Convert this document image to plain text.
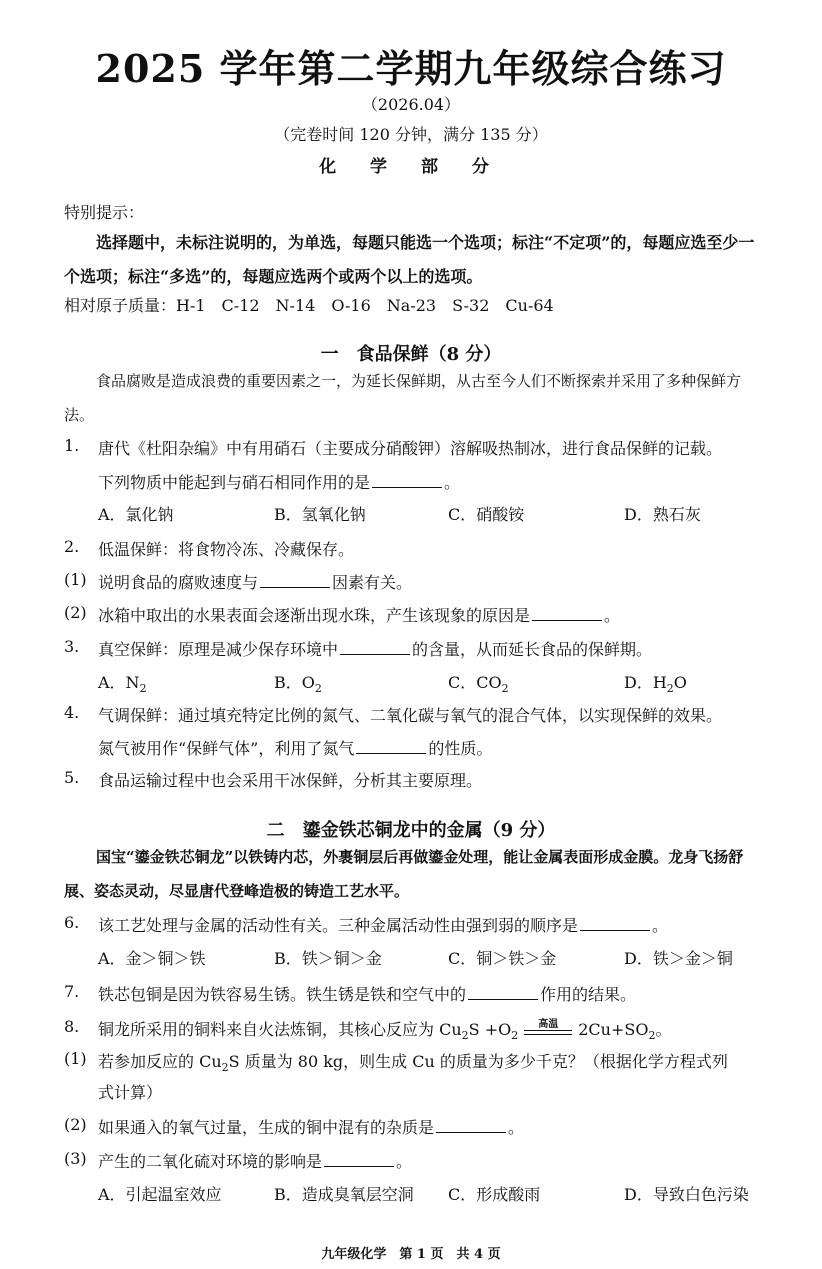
2025 学年第二学期九年级综合练习
（2026.04）
（完卷时间 120 分钟，满分 135 分）
化 学 部 分
特别提示：
选择题中，未标注说明的，为单选，每题只能选一个选项；标注“不定项”的，每题应选至少一个选项；标注“多选”的，每题应选两个或两个以上的选项。
相对原子质量：H-1　C-12　N-14　O-16　Na-23　S-32　Cu-64
一　食品保鲜（8 分）
食品腐败是造成浪费的重要因素之一，为延长保鲜期，从古至今人们不断探索并采用了多种保鲜方法。
1. 唐代《杜阳杂编》中有用硝石（主要成分硝酸钾）溶解吸热制冰，进行食品保鲜的记载。
下列物质中能起到与硝石相同作用的是	。
A．氯化钠	B．氢氧化钠	C．硝酸铵	D．熟石灰
2. 低温保鲜：将食物冷冻、冷藏保存。
(1) 说明食品的腐败速度与	因素有关。
(2) 冰箱中取出的水果表面会逐渐出现水珠，产生该现象的原因是	。
3. 真空保鲜：原理是减少保存环境中	的含量，从而延长食品的保鲜期。
A．$N_2$	B．$O_2$	C．$CO_2$	D．$H_2O$
4. 气调保鲜：通过填充特定比例的氮气、二氧化碳与氧气的混合气体，以实现保鲜的效果。
氮气被用作“保鲜气体”，利用了氮气	的性质。
5. 食品运输过程中也会采用干冰保鲜，分析其主要原理。
二　鎏金铁芯铜龙中的金属（9 分）
国宝“鎏金铁芯铜龙”以铁铸内芯，外裹铜层后再做鎏金处理，能让金属表面形成金膜。龙身飞扬舒展、姿态灵动，尽显唐代登峰造极的铸造工艺水平。
6. 该工艺处理与金属的活动性有关。三种金属活动性由强到弱的顺序是	。
A．金＞铜＞铁	B．铁＞铜＞金	C．铜＞铁＞金	D．铁＞金＞铜
7. 铁芯包铜是因为铁容易生锈。铁生锈是铁和空气中的	作用的结果。
8. 铜龙所采用的铜料来自火法炼铜，其核心反应为 $Cu_2S +O_2$
高温	$2Cu+SO_2$。
(1) 若参加反应的 $Cu_2S$ 质量为 80 kg，则生成 Cu 的质量为多少千克？（根据化学方程式列
式计算）
(2) 如果通入的氧气过量，生成的铜中混有的杂质是	。
(3) 产生的二氧化硫对环境的影响是	。
A．引起温室效应	B．造成臭氧层空洞 C．形成酸雨	D．导致白色污染
九年级化学　第 1 页　共 4 页
